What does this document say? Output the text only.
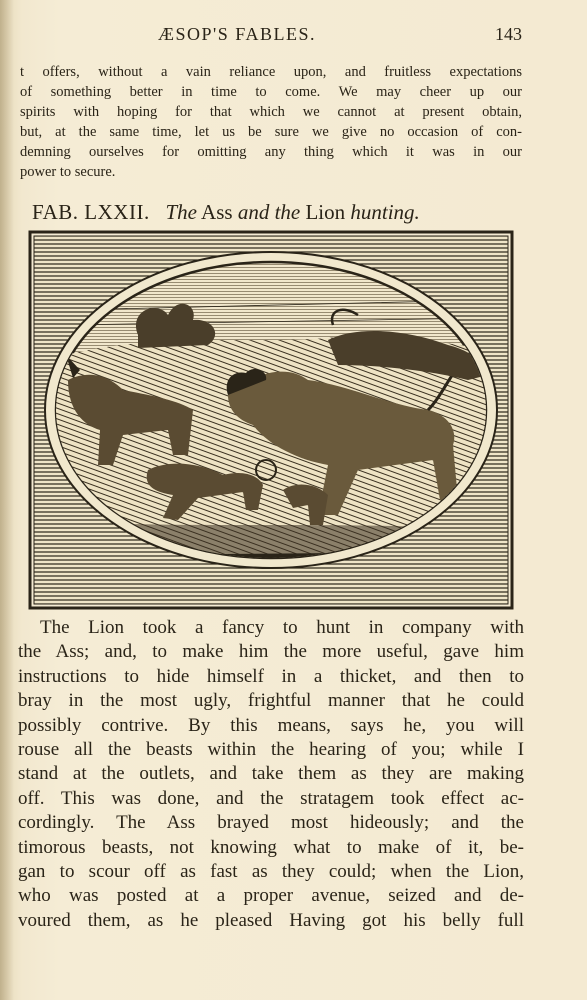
ÆSOP'S FABLES.	143
t offers, without a vain reliance upon, and fruitless expectations
of something better in time to come. We may cheer up our
spirits with hoping for that which we cannot at present obtain,
but, at the same time, let us be sure we give no occasion of con-
demning ourselves for omitting any thing which it was in our
power to secure.
FAB. LXXII. The Ass and the Lion hunting.
The Lion took a fancy to hunt in company with
the Ass; and, to make him the more useful, gave him
instructions to hide himself in a thicket, and then to
bray in the most ugly, frightful manner that he could
possibly contrive. By this means, says he, you will
rouse all the beasts within the hearing of you; while I
stand at the outlets, and take them as they are making
off. This was done, and the stratagem took effect ac-
cordingly. The Ass brayed most hideously; and the
timorous beasts, not knowing what to make of it, be-
gan to scour off as fast as they could; when the Lion,
who was posted at a proper avenue, seized and de-
voured them, as he pleased Having got his belly full
